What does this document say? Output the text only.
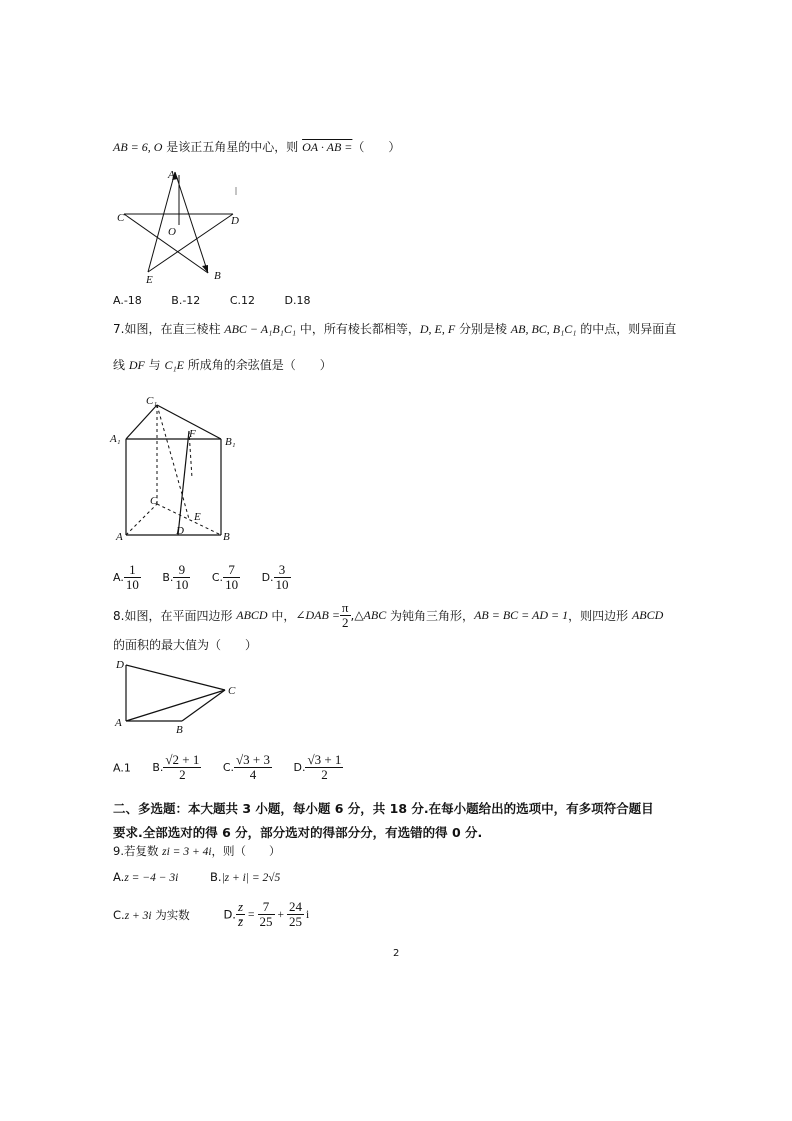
AB = 6, O 是该正五角星的中心，则 OA · AB =（　　）
A
C	D
O
E	B
A.-18	B.-12	C.12	D.18
7.如图，在直三棱柱 ABC − A₁B₁C₁ 中，所有棱长都相等，D, E, F 分别是棱 AB, BC, B₁C₁ 的中点，则异面直
线 DF 与 C₁E 所成角的余弦值是（　　）
C₁
A₁	B₁
F
C
E
A	D	B
A. $\frac{1}{10} B$. $\frac{9}{10} C$. $\frac{7}{10} D$. $\frac{3}{10}$
8.如图，在平面四边形 ABCD 中，∠DAB = $\frac{\pi}{2}$ ,△ABC 为钝角三角形，AB = BC = AD = 1，则四边形 ABCD
的面积的最大值为（　　）
D
C
A
B
A.1 B. $\frac{√2 + 1}{2} C$. $\frac{√3 + 3}{4} D$. $\frac{√3 + 1}{2}$
二、多选题：本大题共 3 小题，每小题 6 分，共 18 分.在每小题给出的选项中，有多项符合题目
要求.全部选对的得 6 分，部分选对的得部分分，有选错的得 0 分.
9.若复数 zi = 3 + 4i，则（　　）
A.z = −4 − 3i	B.|z + i| = 2√5
C.z + 3i 为实数	D. $\frac{z}{z̄} = \frac{7}{25} + \frac{24}{25}$ i
2
